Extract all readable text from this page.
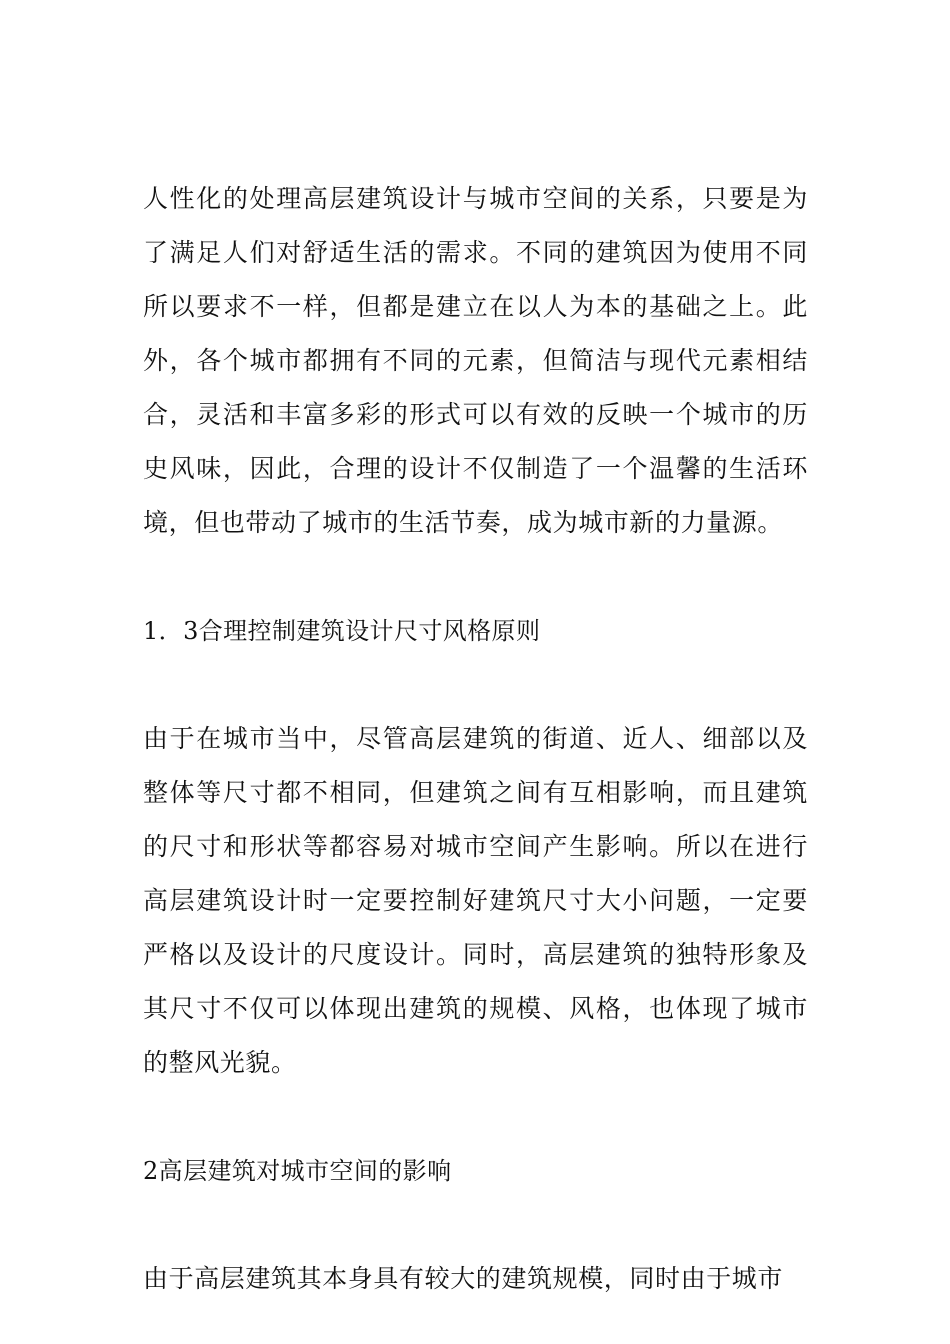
人性化的处理高层建筑设计与城市空间的关系，只要是为了满足人们对舒适生活的需求。不同的建筑因为使用不同所以要求不一样，但都是建立在以人为本的基础之上。此外，各个城市都拥有不同的元素，但简洁与现代元素相结合，灵活和丰富多彩的形式可以有效的反映一个城市的历史风味，因此，合理的设计不仅制造了一个温馨的生活环境，但也带动了城市的生活节奏，成为城市新的力量源。

1．3合理控制建筑设计尺寸风格原则

由于在城市当中，尽管高层建筑的街道、近人、细部以及整体等尺寸都不相同，但建筑之间有互相影响，而且建筑的尺寸和形状等都容易对城市空间产生影响。所以在进行高层建筑设计时一定要控制好建筑尺寸大小问题，一定要严格以及设计的尺度设计。同时，高层建筑的独特形象及其尺寸不仅可以体现出建筑的规模、风格，也体现了城市的整风光貌。

2高层建筑对城市空间的影响

由于高层建筑其本身具有较大的建筑规模，同时由于城市
